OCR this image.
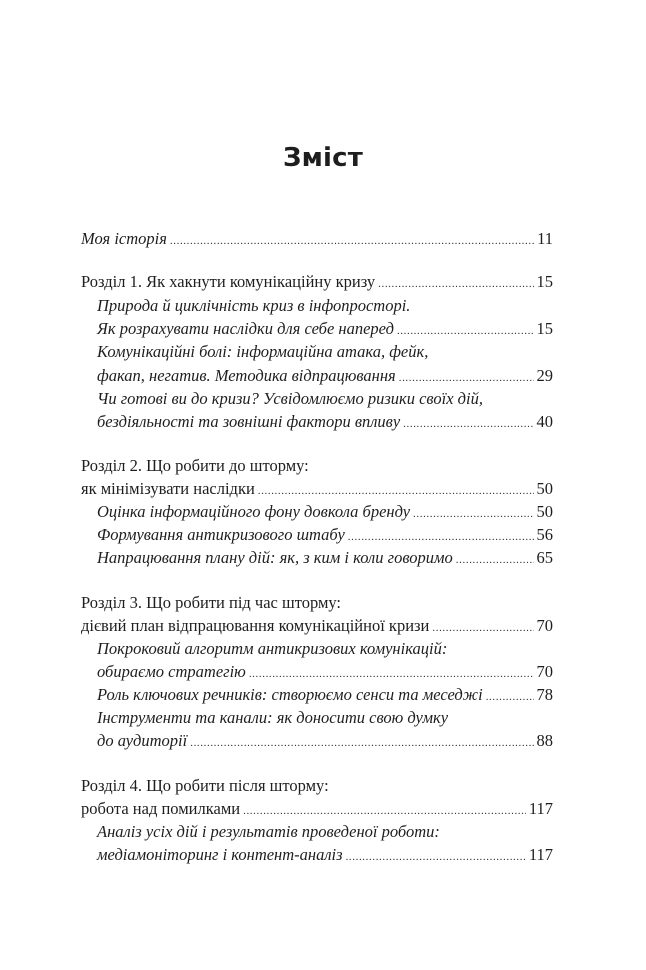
Зміст
Моя історія .....	11
Розділ 1. Як хакнути комунікаційну кризу .....	15
Природа й циклічність криз в інфопросторі.
Як розрахувати наслідки для себе наперед .....	15
Комунікаційні болі: інформаційна атака, фейк,
факап, негатив. Методика відпрацювання .....	29
Чи готові ви до кризи? Усвідомлюємо ризики своїх дій,
бездіяльності та зовнішні фактори впливу .....	40
Розділ 2. Що робити до шторму:
як мінімізувати наслідки .....	50
Оцінка інформаційного фону довкола бренду .....	50
Формування антикризового штабу .....	56
Напрацювання плану дій: як, з ким і коли говоримо .....	65
Розділ 3. Що робити під час шторму:
дієвий план відпрацювання комунікаційної кризи .....	70
Покроковий алгоритм антикризових комунікацій:
обираємо стратегію .....	70
Роль ключових речників: створюємо сенси та меседжі .....	78
Інструменти та канали: як доносити свою думку
до аудиторії .....	88
Розділ 4. Що робити після шторму:
робота над помилками .....	117
Аналіз усіх дій і результатів проведеної роботи:
медіамоніторинг і контент-аналіз .....	117
